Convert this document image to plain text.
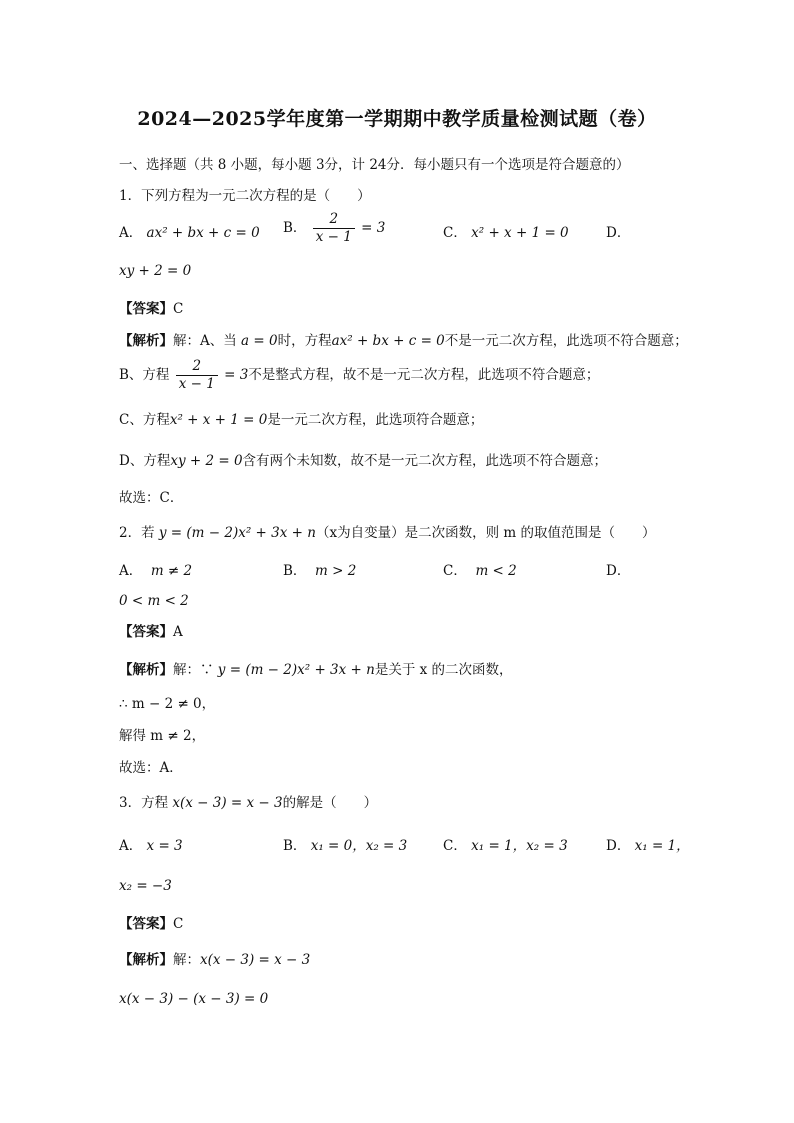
2024—2025学年度第一学期期中教学质量检测试题（卷）
一、选择题（共 8 小题，每小题 3分，计 24分．每小题只有一个选项是符合题意的）
1．下列方程为一元二次方程的是（　　）
A． ax² + bx + c = 0 B． $\frac{2}{x - 1} = 3$	C． x² + x + 1 = 0	D．
xy + 2 = 0
【答案】C
【解析】解：A、当 a = 0时，方程ax² + bx + c = 0不是一元二次方程，此选项不符合题意；
B、方程 $\frac{2}{x - 1} = 3$不是整式方程，故不是一元二次方程，此选项不符合题意；
C、方程x² + x + 1 = 0是一元二次方程，此选项符合题意；
D、方程xy + 2 = 0含有两个未知数，故不是一元二次方程，此选项不符合题意；
故选：C．
2．若 y = (m − 2)x² + 3x + n（x为自变量）是二次函数，则 m 的取值范围是（　　）
A． m ≠ 2	B． m > 2	C． m < 2	D．
0 < m < 2
【答案】A
【解析】解：∵ y = (m − 2)x² + 3x + n是关于 x 的二次函数，
∴ m − 2 ≠ 0，
解得 m ≠ 2，
故选：A．
3．方程 x(x − 3) = x − 3的解是（　　）
A． x = 3	B． x₁ = 0，x₂ = 3	C． x₁ = 1，x₂ = 3	D． x₁ = 1，
x₂ = −3
【答案】C
【解析】解：x(x − 3) = x − 3
x(x − 3) − (x − 3) = 0
